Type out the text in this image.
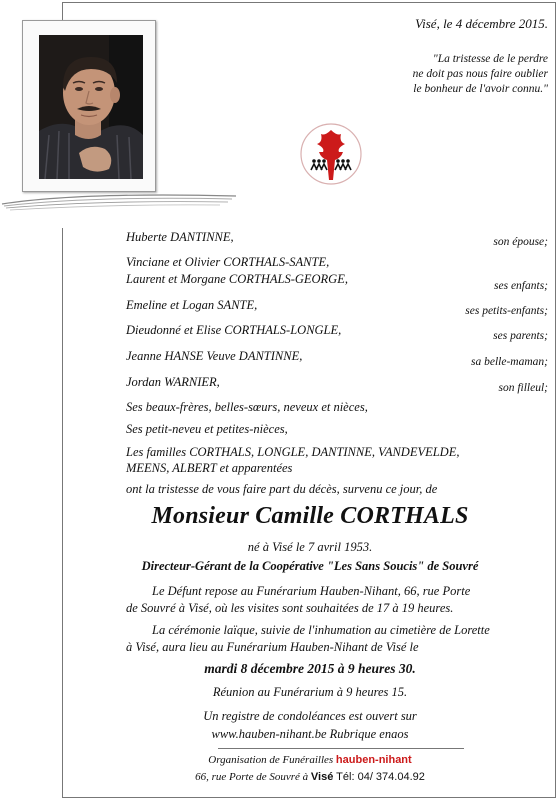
Visé, le 4 décembre 2015.
"La tristesse de le perdre
ne doit pas nous faire oublier
le bonheur de l'avoir connu."
Huberte DANTINNE,	son épouse;
Vinciane et Olivier CORTHALS-SANTE,
Laurent et Morgane CORTHALS-GEORGE,	ses enfants;
Emeline et Logan SANTE,	ses petits-enfants;
Dieudonné et Elise CORTHALS-LONGLE,	ses parents;
Jeanne HANSE Veuve DANTINNE,	sa belle-maman;
Jordan WARNIER,	son filleul;
Ses beaux-frères, belles-sœurs, neveux et nièces,
Ses petit-neveu et petites-nièces,
Les familles CORTHALS, LONGLE, DANTINNE, VANDEVELDE,
MEENS, ALBERT et apparentées
ont la tristesse de vous faire part du décès, survenu ce jour, de
Monsieur Camille CORTHALS
né à Visé le 7 avril 1953.
Directeur-Gérant de la Coopérative "Les Sans Soucis" de Souvré
Le Défunt repose au Funérarium Hauben-Nihant, 66, rue Porte
de Souvré à Visé, où les visites sont souhaitées de 17 à 19 heures.
La cérémonie laïque, suivie de l'inhumation au cimetière de Lorette
à Visé, aura lieu au Funérarium Hauben-Nihant de Visé le
mardi 8 décembre 2015 à 9 heures 30.
Réunion au Funérarium à 9 heures 15.
Un registre de condoléances est ouvert sur
www.hauben-nihant.be Rubrique enaos
Organisation de Funérailles hauben-nihant
66, rue Porte de Souvré à Visé Tél: 04/ 374.04.92
